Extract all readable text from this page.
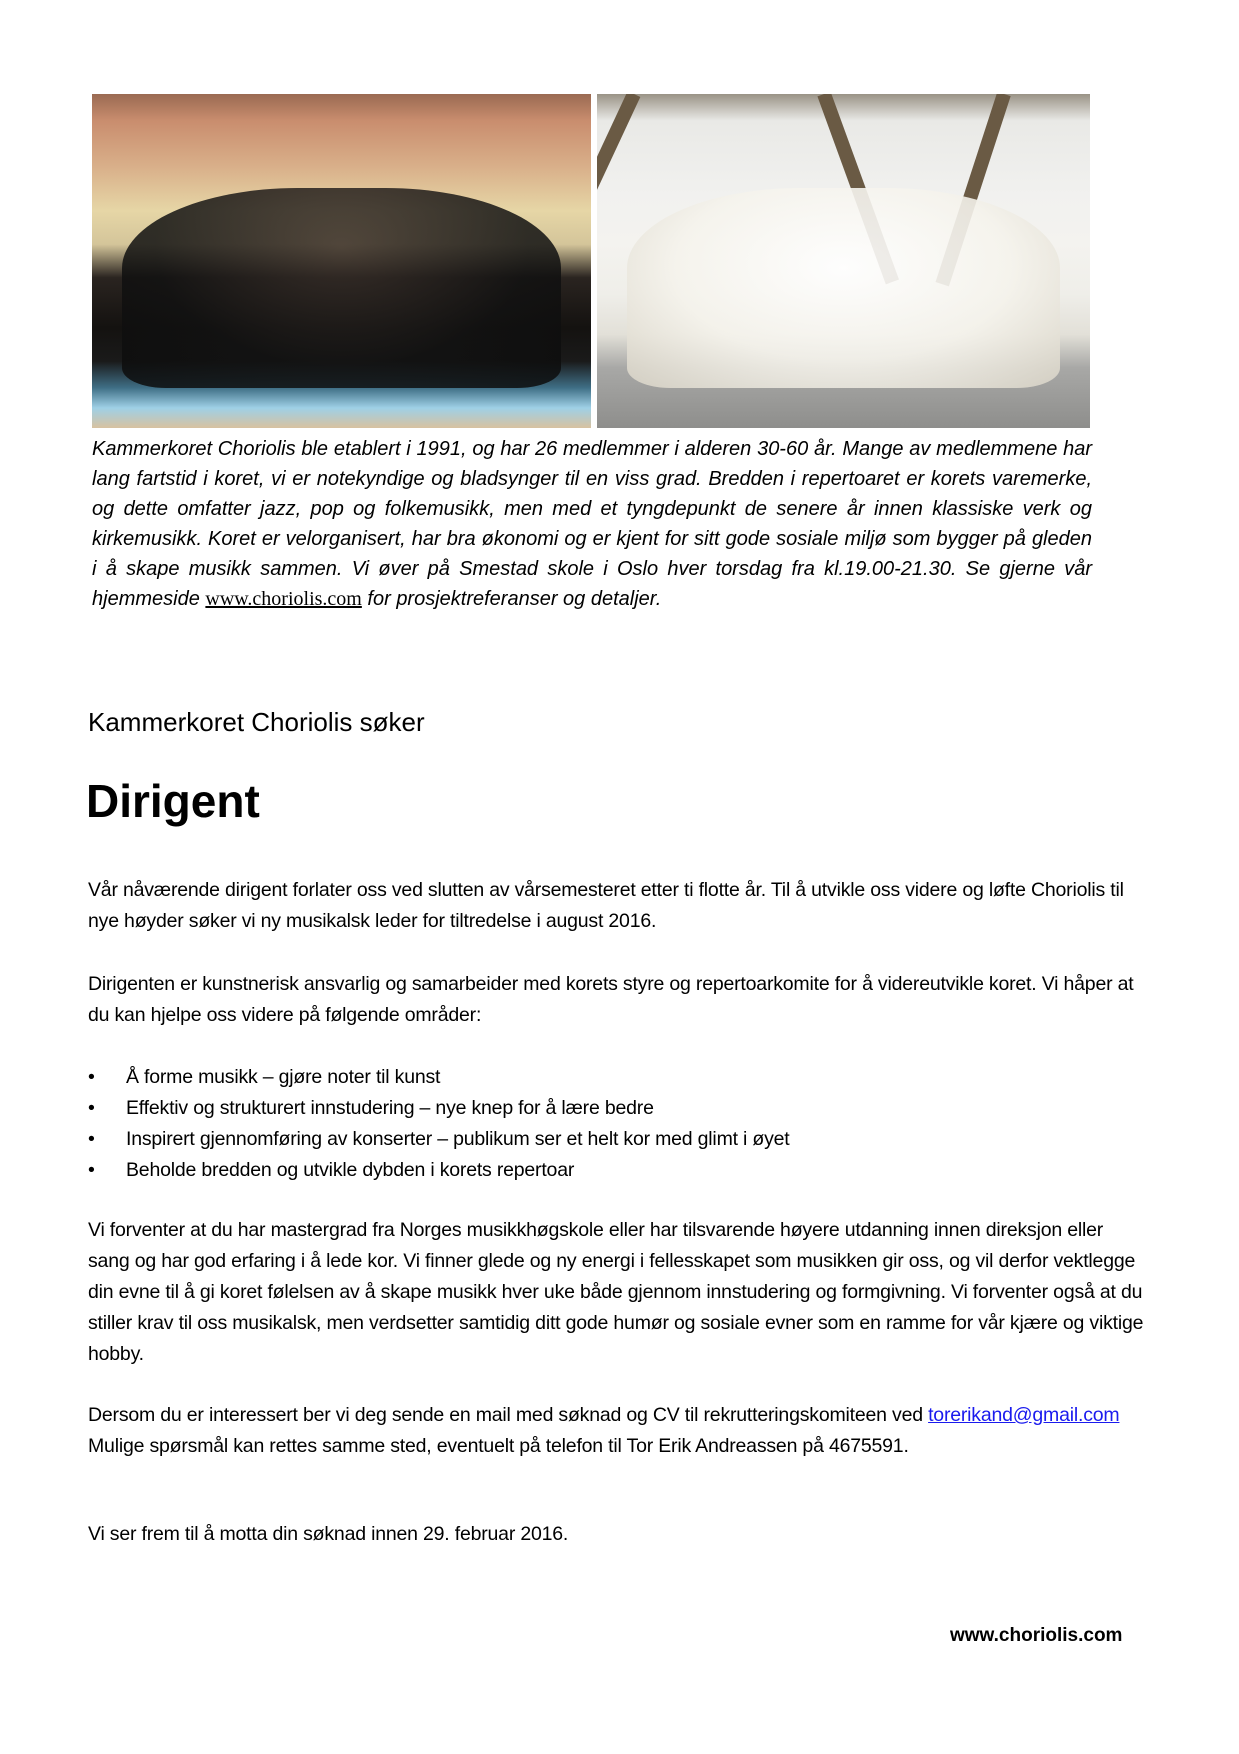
Kammerkoret Choriolis ble etablert i 1991, og har 26 medlemmer i alderen 30-60 år. Mange av medlemmene har lang fartstid i koret, vi er notekyndige og bladsynger til en viss grad. Bredden i repertoaret er korets varemerke, og dette omfatter jazz, pop og folkemusikk, men med et tyngdepunkt de senere år innen klassiske verk og kirkemusikk. Koret er velorganisert, har bra økonomi og er kjent for sitt gode sosiale miljø som bygger på gleden i å skape musikk sammen. Vi øver på Smestad skole i Oslo hver torsdag fra kl.19.00-21.30. Se gjerne vår hjemmeside www.choriolis.com for prosjektreferanser og detaljer.
Kammerkoret Choriolis søker
Dirigent
Vår nåværende dirigent forlater oss ved slutten av vårsemesteret etter ti flotte år. Til å utvikle oss videre og løfte Choriolis til nye høyder søker vi ny musikalsk leder for tiltredelse i august 2016.
Dirigenten er kunstnerisk ansvarlig og samarbeider med korets styre og repertoarkomite for å videreutvikle koret. Vi håper at du kan hjelpe oss videre på følgende områder:
• Å forme musikk – gjøre noter til kunst
• Effektiv og strukturert innstudering – nye knep for å lære bedre
• Inspirert gjennomføring av konserter – publikum ser et helt kor med glimt i øyet
• Beholde bredden og utvikle dybden i korets repertoar
Vi forventer at du har mastergrad fra Norges musikkhøgskole eller har tilsvarende høyere utdanning innen direksjon eller sang og har god erfaring i å lede kor. Vi finner glede og ny energi i fellesskapet som musikken gir oss, og vil derfor vektlegge din evne til å gi koret følelsen av å skape musikk hver uke både gjennom innstudering og formgivning. Vi forventer også at du stiller krav til oss musikalsk, men verdsetter samtidig ditt gode humør og sosiale evner som en ramme for vår kjære og viktige hobby.
Dersom du er interessert ber vi deg sende en mail med søknad og CV til rekrutteringskomiteen ved torerikand@gmail.com  Mulige spørsmål kan rettes samme sted, eventuelt på telefon til Tor Erik Andreassen på 4675591.
Vi ser frem til å motta din søknad innen 29. februar 2016.
www.choriolis.com
